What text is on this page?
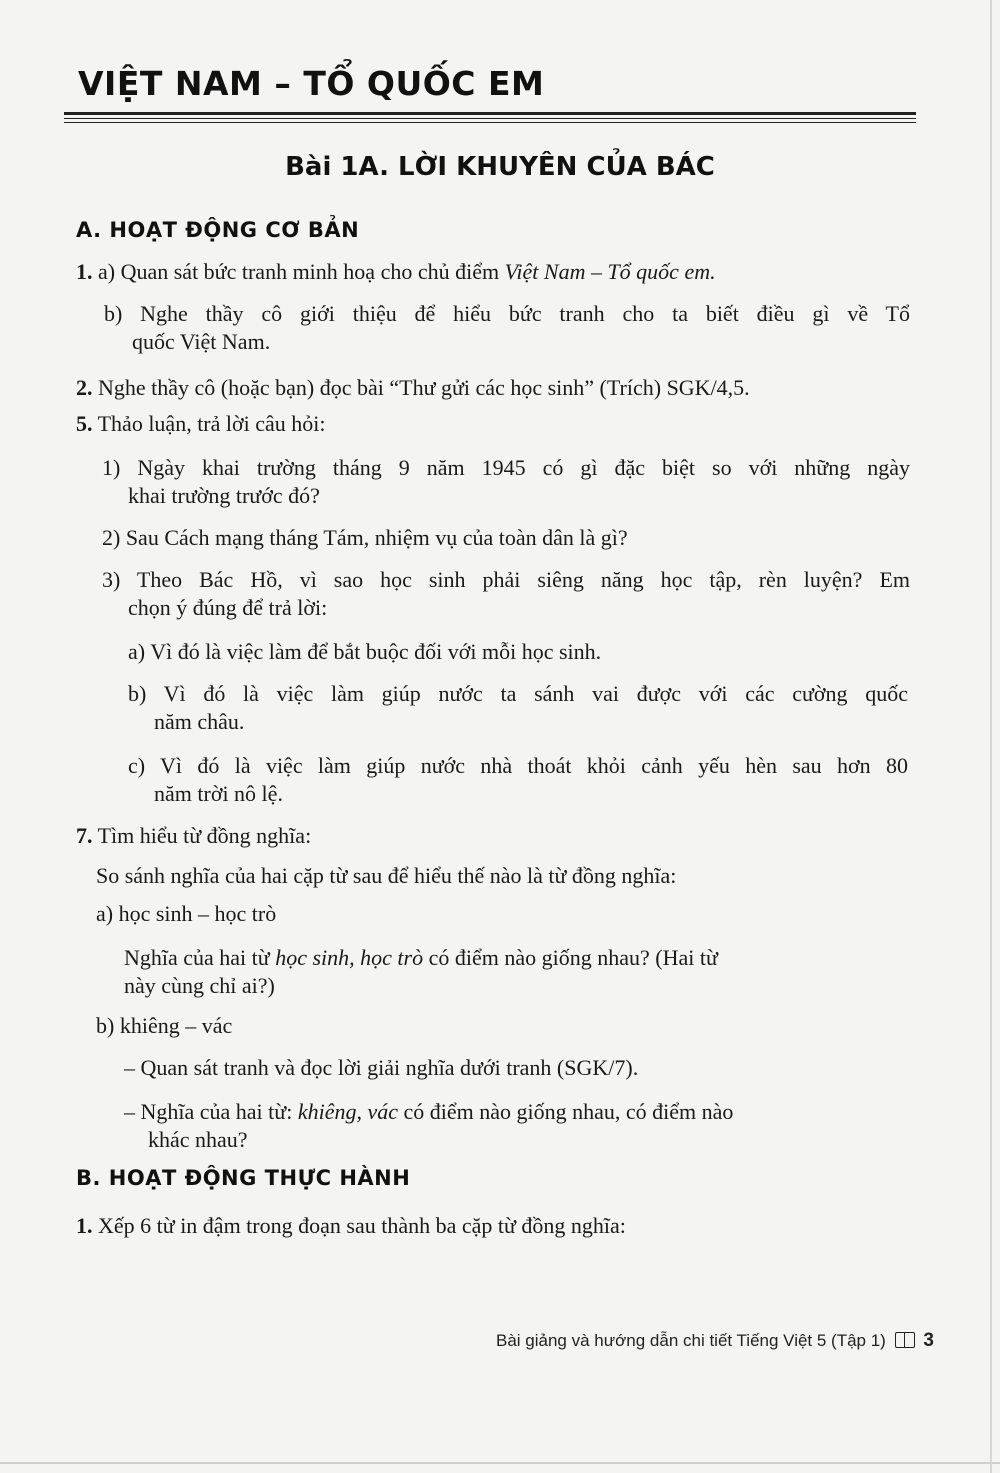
VIỆT NAM – TỔ QUỐC EM
Bài 1A. LỜI KHUYÊN CỦA BÁC
A. HOẠT ĐỘNG CƠ BẢN
1. a) Quan sát bức tranh minh hoạ cho chủ điểm Việt Nam – Tổ quốc em.
b) Nghe thầy cô giới thiệu để hiểu bức tranh cho ta biết điều gì về Tổ
quốc Việt Nam.
2. Nghe thầy cô (hoặc bạn) đọc bài “Thư gửi các học sinh” (Trích) SGK/4,5.
5. Thảo luận, trả lời câu hỏi:
1) Ngày khai trường tháng 9 năm 1945 có gì đặc biệt so với những ngày
khai trường trước đó?
2) Sau Cách mạng tháng Tám, nhiệm vụ của toàn dân là gì?
3) Theo Bác Hồ, vì sao học sinh phải siêng năng học tập, rèn luyện? Em
chọn ý đúng để trả lời:
a) Vì đó là việc làm để bắt buộc đối với mỗi học sinh.
b) Vì đó là việc làm giúp nước ta sánh vai được với các cường quốc
năm châu.
c) Vì đó là việc làm giúp nước nhà thoát khỏi cảnh yếu hèn sau hơn 80
năm trời nô lệ.
7. Tìm hiểu từ đồng nghĩa:
So sánh nghĩa của hai cặp từ sau để hiểu thế nào là từ đồng nghĩa:
a) học sinh – học trò
Nghĩa của hai từ học sinh, học trò có điểm nào giống nhau? (Hai từ
này cùng chỉ ai?)
b) khiêng – vác
– Quan sát tranh và đọc lời giải nghĩa dưới tranh (SGK/7).
– Nghĩa của hai từ: khiêng, vác có điểm nào giống nhau, có điểm nào
khác nhau?
B. HOẠT ĐỘNG THỰC HÀNH
1. Xếp 6 từ in đậm trong đoạn sau thành ba cặp từ đồng nghĩa:
Bài giảng và hướng dẫn chi tiết Tiếng Việt 5 (Tập 1) 3
